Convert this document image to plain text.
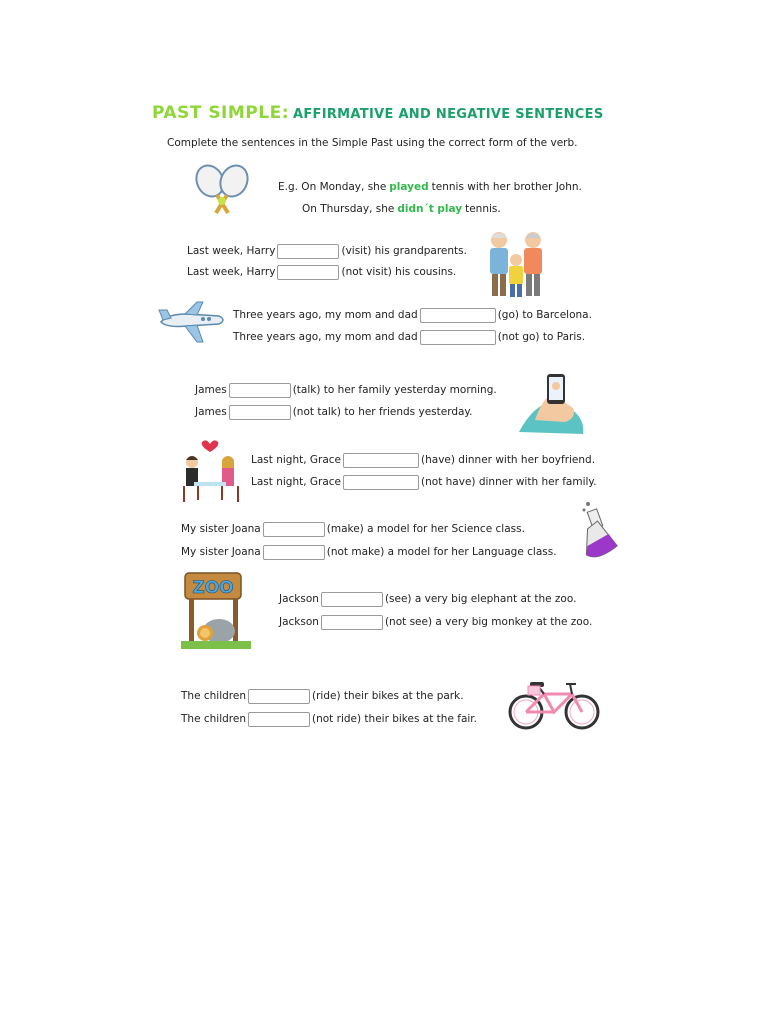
PAST SIMPLE: AFFIRMATIVE AND NEGATIVE SENTENCES
Complete the sentences in the Simple Past using the correct form of the verb.
E.g. On Monday, she played tennis with her brother John.
On Thursday, she didn´t play tennis.
Last week, Harry	(visit) his grandparents.
Last week, Harry	(not visit) his cousins.
Three years ago, my mom and dad	(go) to Barcelona.
Three years ago, my mom and dad	(not go) to Paris.
James	(talk) to her family yesterday morning.
James	(not talk) to her friends yesterday.
Last night, Grace	(have) dinner with her boyfriend.
Last night, Grace	(not have) dinner with her family.
My sister Joana	(make) a model for her Science class.
My sister Joana	(not make) a model for her Language class.
ZOO
Jackson	(see) a very big elephant at the zoo.
Jackson	(not see) a very big monkey at the zoo.
The children	(ride) their bikes at the park.
The children	(not ride) their bikes at the fair.
